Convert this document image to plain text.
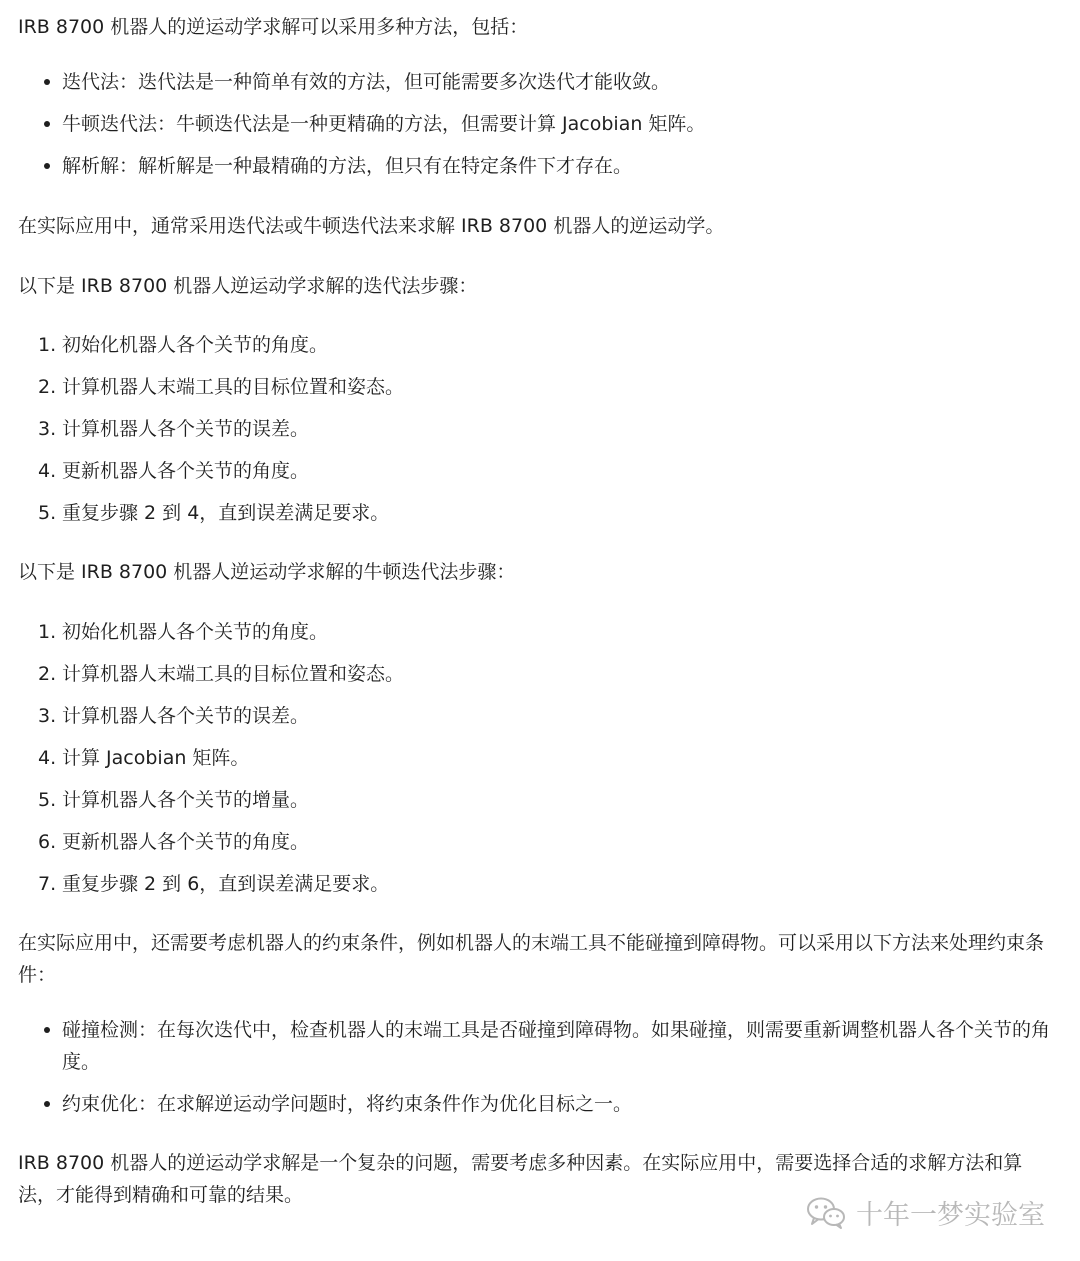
IRB 8700 机器人的逆运动学求解可以采用多种方法，包括：

迭代法：迭代法是一种简单有效的方法，但可能需要多次迭代才能收敛。
牛顿迭代法：牛顿迭代法是一种更精确的方法，但需要计算 Jacobian 矩阵。
解析解：解析解是一种最精确的方法，但只有在特定条件下才存在。

在实际应用中，通常采用迭代法或牛顿迭代法来求解 IRB 8700 机器人的逆运动学。

以下是 IRB 8700 机器人逆运动学求解的迭代法步骤：

1. 初始化机器人各个关节的角度。
2. 计算机器人末端工具的目标位置和姿态。
3. 计算机器人各个关节的误差。
4. 更新机器人各个关节的角度。
5. 重复步骤 2 到 4，直到误差满足要求。

以下是 IRB 8700 机器人逆运动学求解的牛顿迭代法步骤：

1. 初始化机器人各个关节的角度。
2. 计算机器人末端工具的目标位置和姿态。
3. 计算机器人各个关节的误差。
4. 计算 Jacobian 矩阵。
5. 计算机器人各个关节的增量。
6. 更新机器人各个关节的角度。
7. 重复步骤 2 到 6，直到误差满足要求。

在实际应用中，还需要考虑机器人的约束条件，例如机器人的末端工具不能碰撞到障碍物。可以采用以下方法来处理约束条件：

碰撞检测：在每次迭代中，检查机器人的末端工具是否碰撞到障碍物。如果碰撞，则需要重新调整机器人各个关节的角度。
约束优化：在求解逆运动学问题时，将约束条件作为优化目标之一。

IRB 8700 机器人的逆运动学求解是一个复杂的问题，需要考虑多种因素。在实际应用中，需要选择合适的求解方法和算法，才能得到精确和可靠的结果。

十年一梦实验室
